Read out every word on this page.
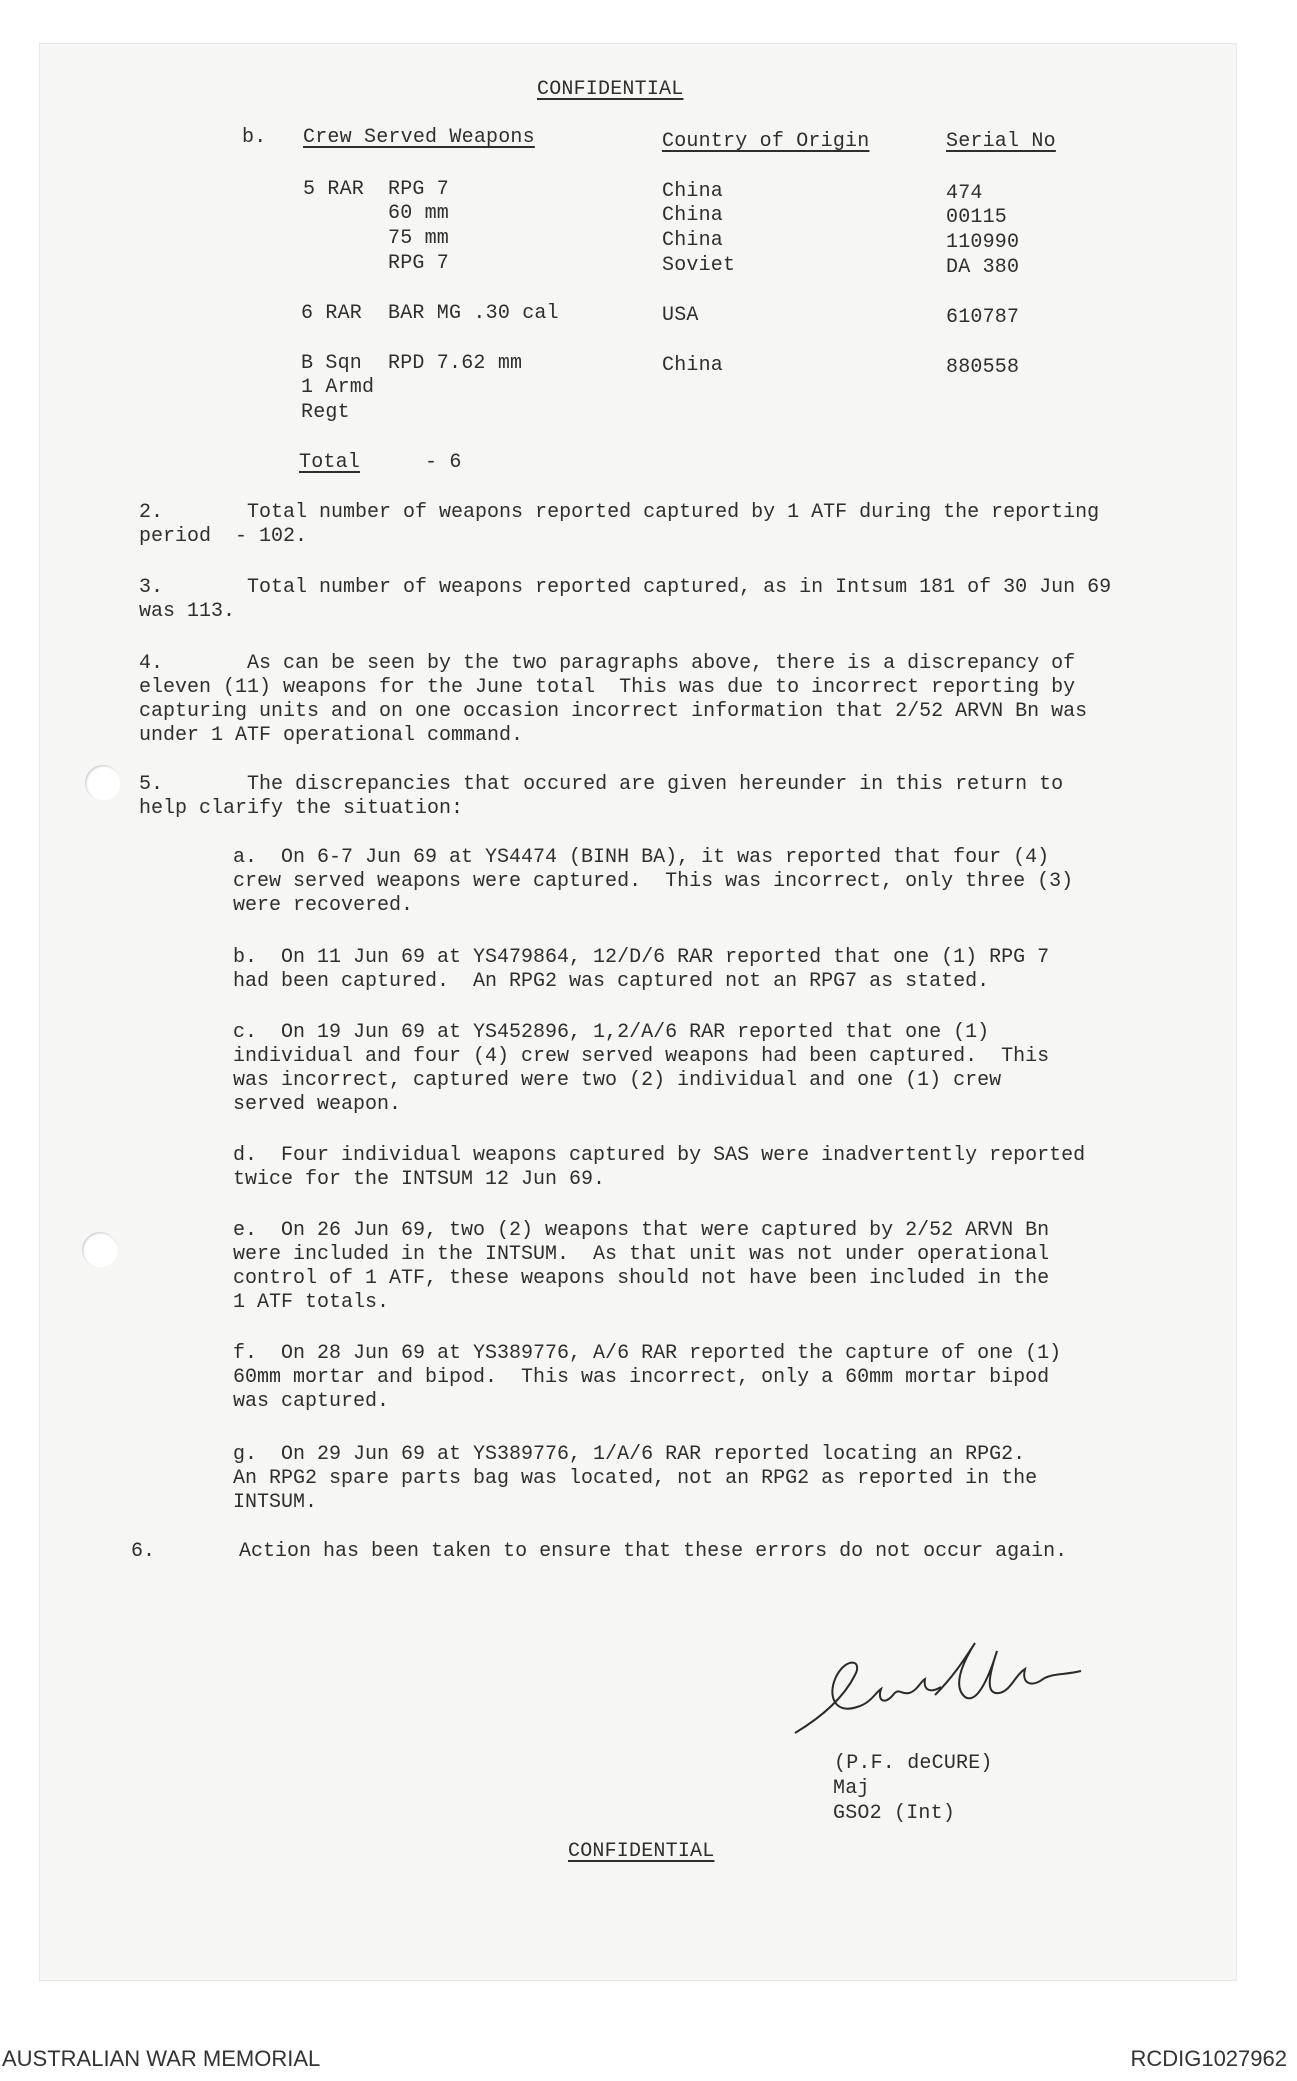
CONFIDENTIAL
b. Crew Served Weapons	Country of Origin	Serial No
5 RAR RPG 7	China	474
60 mm	China	00115
75 mm	China	110990
RPG 7	Soviet	DA 380
6 RAR BAR MG .30 cal	USA	610787
B Sqn RPD 7.62 mm	China	880558
1 Armd
Regt
Total	- 6
2.       Total number of weapons reported captured by 1 ATF during the reporting
period  - 102.
3.       Total number of weapons reported captured, as in Intsum 181 of 30 Jun 69
was 113.
4.       As can be seen by the two paragraphs above, there is a discrepancy of
eleven (11) weapons for the June total  This was due to incorrect reporting by
capturing units and on one occasion incorrect information that 2/52 ARVN Bn was
under 1 ATF operational command.
5.       The discrepancies that occured are given hereunder in this return to
help clarify the situation:
a.  On 6-7 Jun 69 at YS4474 (BINH BA), it was reported that four (4)
crew served weapons were captured.  This was incorrect, only three (3)
were recovered.
b.  On 11 Jun 69 at YS479864, 12/D/6 RAR reported that one (1) RPG 7
had been captured.  An RPG2 was captured not an RPG7 as stated.
c.  On 19 Jun 69 at YS452896, 1,2/A/6 RAR reported that one (1)
individual and four (4) crew served weapons had been captured.  This
was incorrect, captured were two (2) individual and one (1) crew
served weapon.
d.  Four individual weapons captured by SAS were inadvertently reported
twice for the INTSUM 12 Jun 69.
e.  On 26 Jun 69, two (2) weapons that were captured by 2/52 ARVN Bn
were included in the INTSUM.  As that unit was not under operational
control of 1 ATF, these weapons should not have been included in the
1 ATF totals.
f.  On 28 Jun 69 at YS389776, A/6 RAR reported the capture of one (1)
60mm mortar and bipod.  This was incorrect, only a 60mm mortar bipod
was captured.
g.  On 29 Jun 69 at YS389776, 1/A/6 RAR reported locating an RPG2.
An RPG2 spare parts bag was located, not an RPG2 as reported in the
INTSUM.
6.       Action has been taken to ensure that these errors do not occur again.
(P.F. deCURE)
Maj
GSO2 (Int)
CONFIDENTIAL
AUSTRALIAN WAR MEMORIAL	RCDIG1027962
